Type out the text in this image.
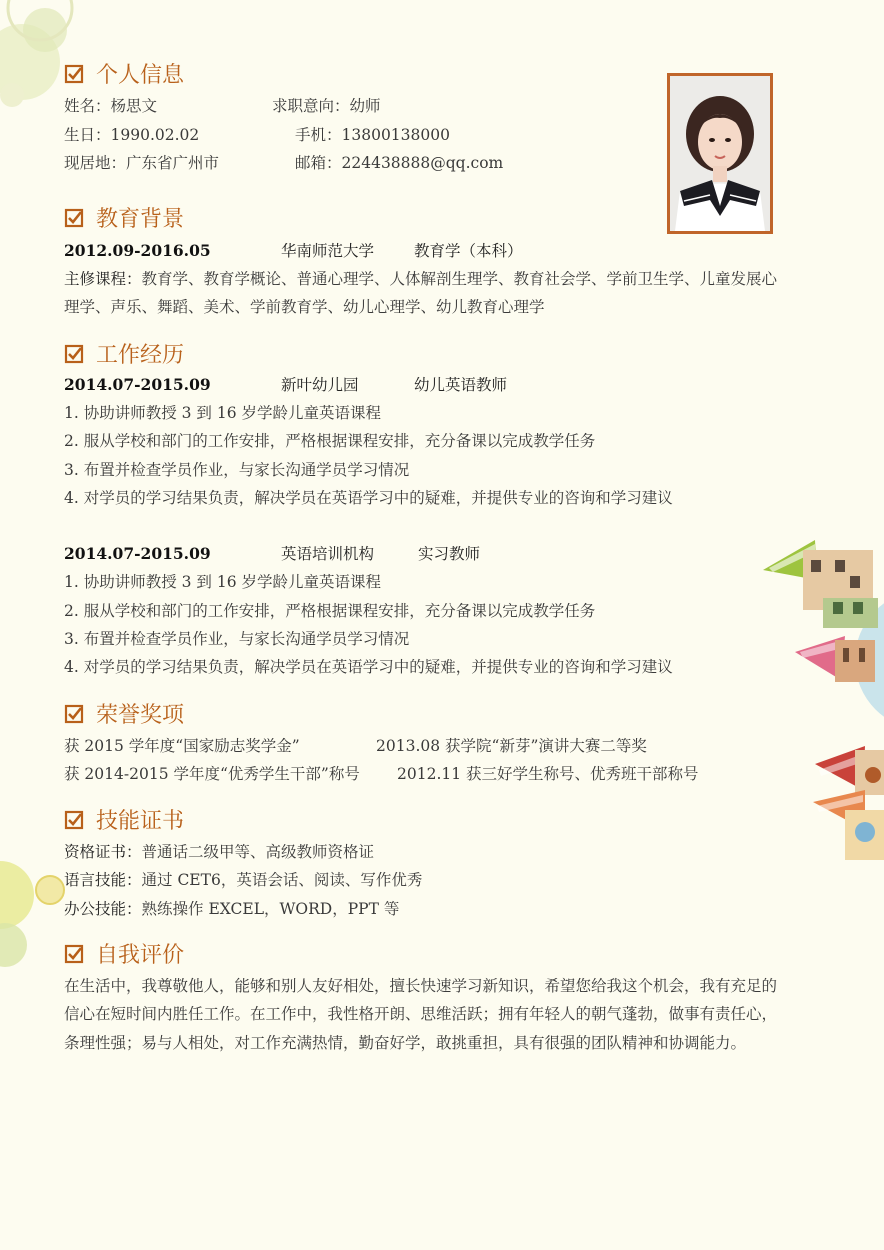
个人信息
姓名：杨思文	求职意向：幼师
生日：1990.02.02	手机：13800138000
现居地：广东省广州市	邮箱：224438888@qq.com
教育背景
2012.09-2016.05	华南师范大学	教育学（本科）
主修课程：教育学、教育学概论、普通心理学、人体解剖生理学、教育社会学、学前卫生学、儿童发展心
理学、声乐、舞蹈、美术、学前教育学、幼儿心理学、幼儿教育心理学
工作经历
2014.07-2015.09	新叶幼儿园	幼儿英语教师
1. 协助讲师教授 3 到 16 岁学龄儿童英语课程
2. 服从学校和部门的工作安排，严格根据课程安排，充分备课以完成教学任务
3. 布置并检查学员作业，与家长沟通学员学习情况
4. 对学员的学习结果负责，解决学员在英语学习中的疑难，并提供专业的咨询和学习建议
2014.07-2015.09	英语培训机构	实习教师
1. 协助讲师教授 3 到 16 岁学龄儿童英语课程
2. 服从学校和部门的工作安排，严格根据课程安排，充分备课以完成教学任务
3. 布置并检查学员作业，与家长沟通学员学习情况
4. 对学员的学习结果负责，解决学员在英语学习中的疑难，并提供专业的咨询和学习建议
荣誉奖项
获 2015 学年度“国家励志奖学金”	2013.08 获学院“新芽”演讲大赛二等奖
获 2014-2015 学年度“优秀学生干部”称号 2012.11 获三好学生称号、优秀班干部称号
技能证书
资格证书：普通话二级甲等、高级教师资格证
语言技能：通过 CET6，英语会话、阅读、写作优秀
办公技能：熟练操作 EXCEL，WORD，PPT 等
自我评价
在生活中，我尊敬他人，能够和别人友好相处，擅长快速学习新知识，希望您给我这个机会，我有充足的
信心在短时间内胜任工作。在工作中，我性格开朗、思维活跃；拥有年轻人的朝气蓬勃，做事有责任心，
条理性强；易与人相处，对工作充满热情，勤奋好学，敢挑重担，具有很强的团队精神和协调能力。
